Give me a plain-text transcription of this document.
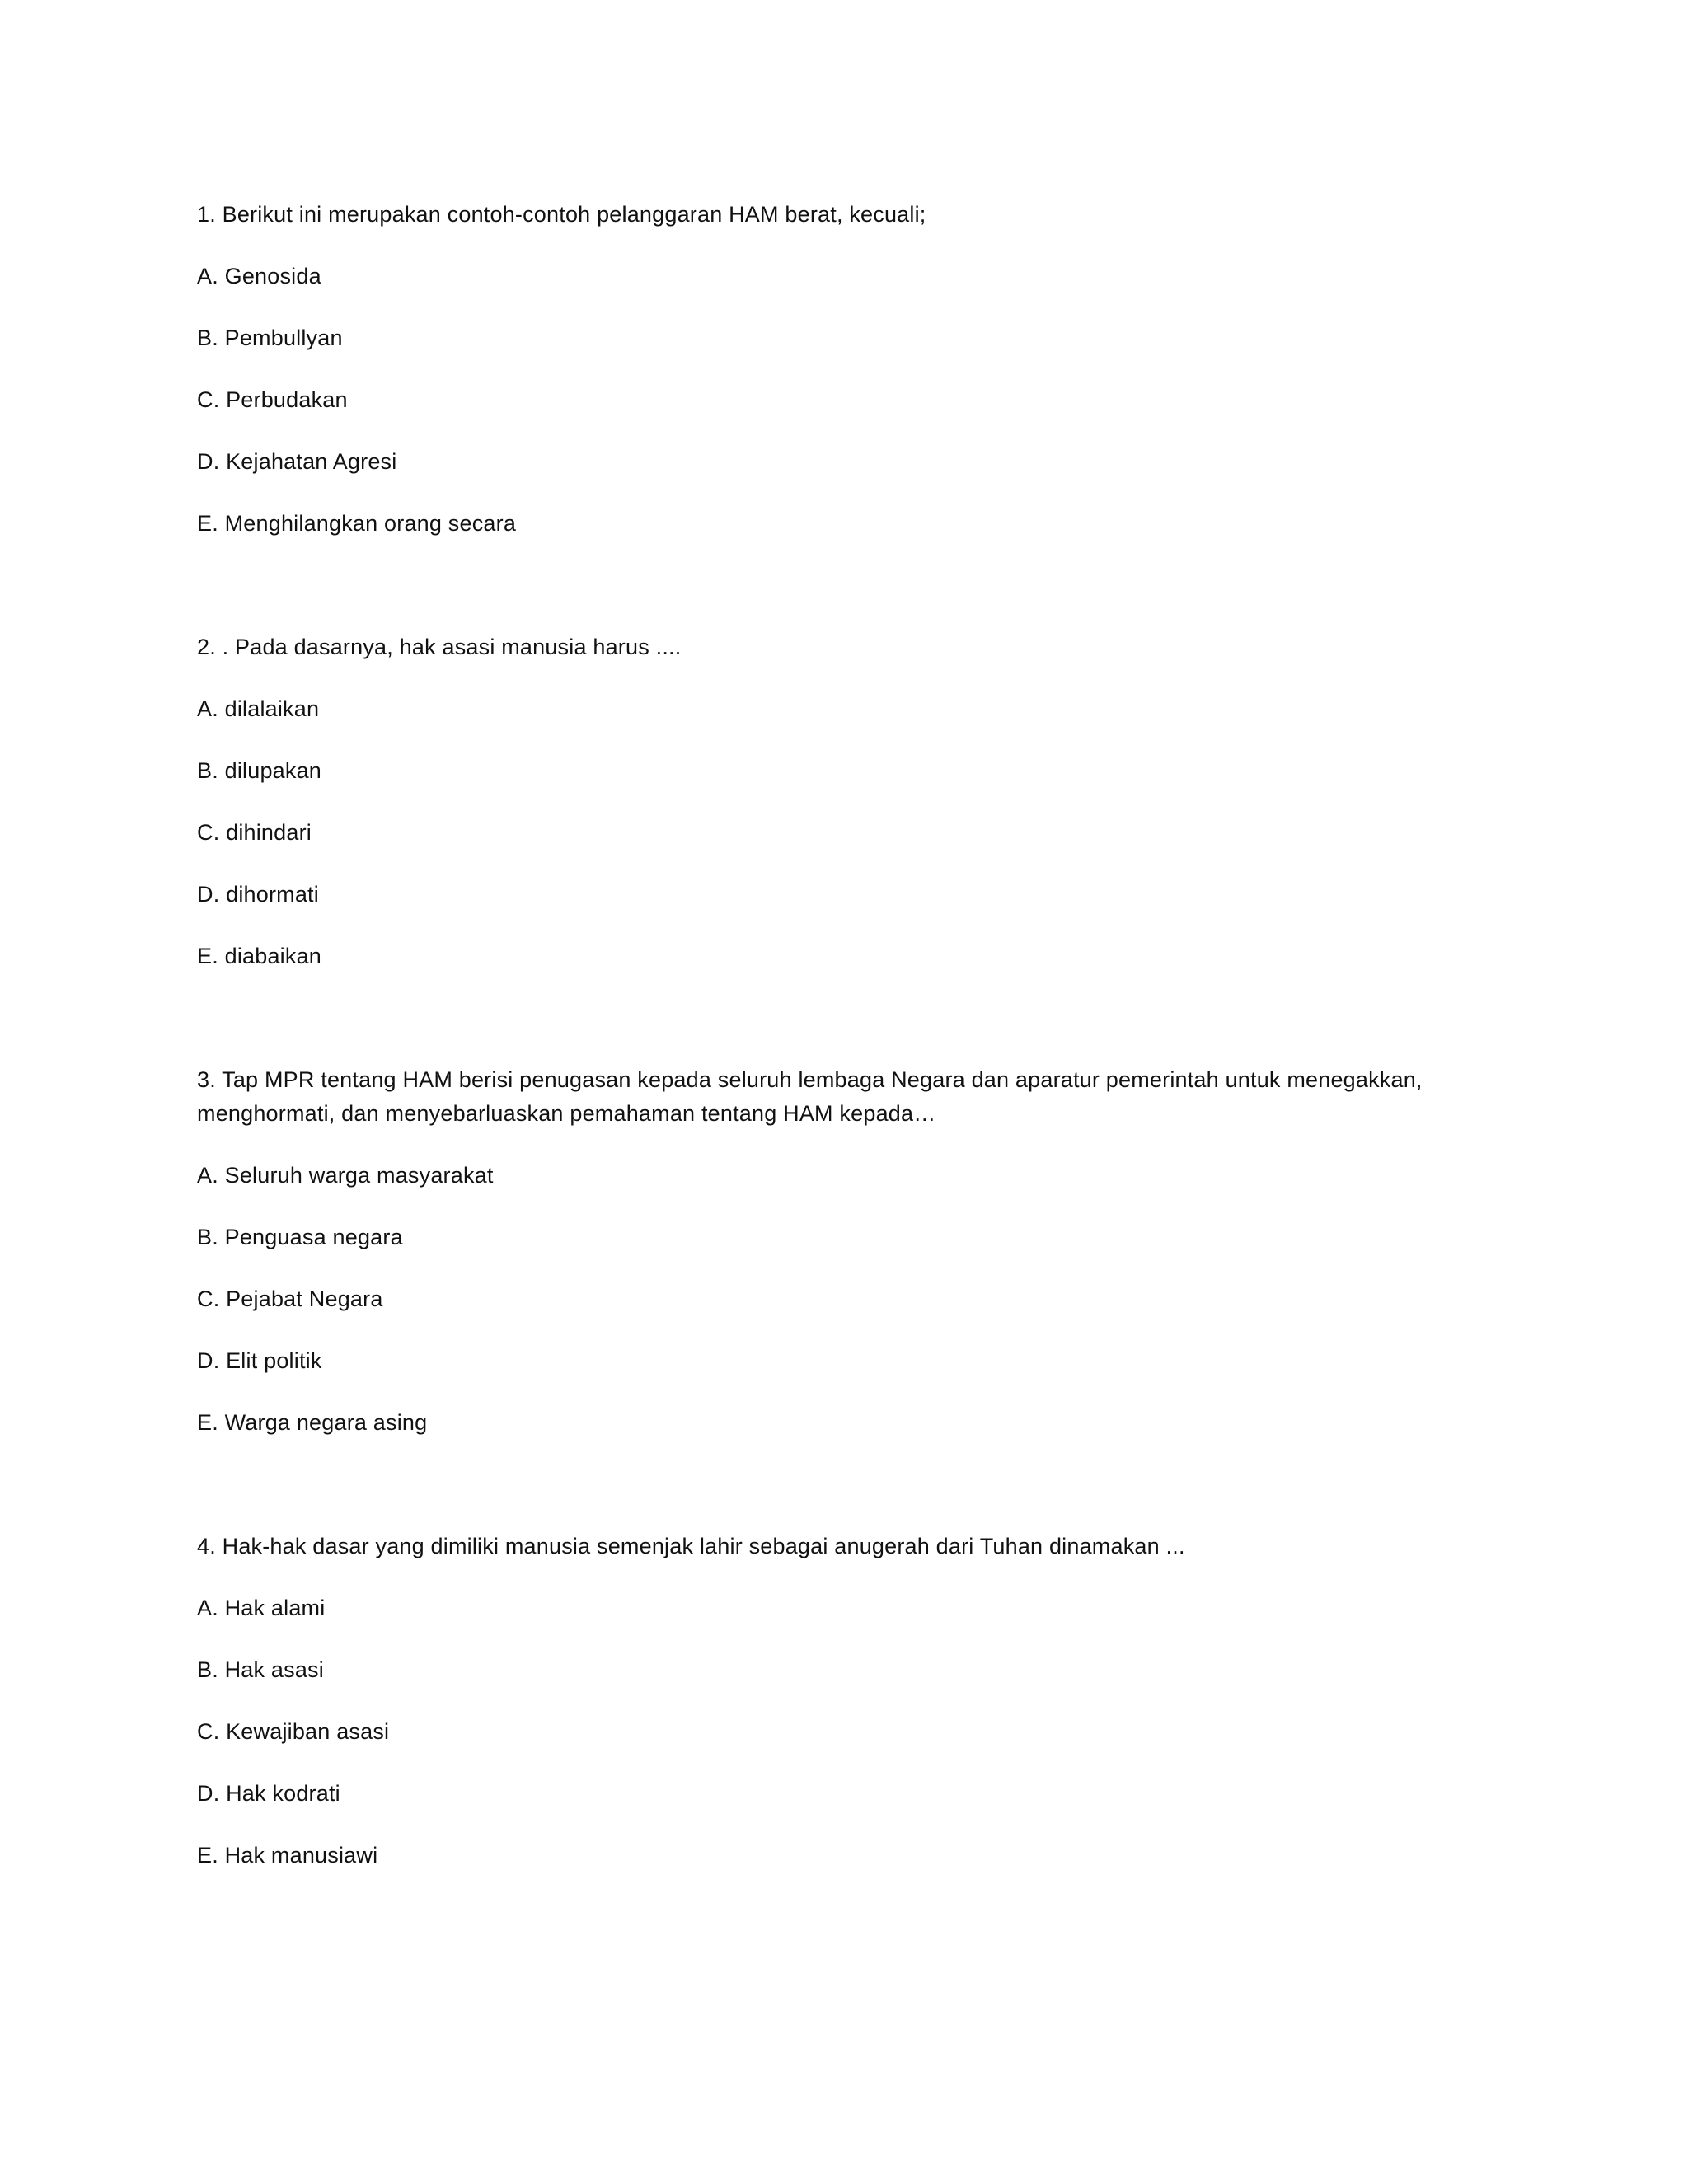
1. Berikut ini merupakan contoh-contoh pelanggaran HAM berat, kecuali;

A. Genosida

B. Pembullyan

C. Perbudakan

D. Kejahatan Agresi

E. Menghilangkan orang secara

2. . Pada dasarnya, hak asasi manusia harus ....

A. dilalaikan

B. dilupakan

C. dihindari

D. dihormati

E. diabaikan

3. Tap MPR tentang HAM berisi penugasan kepada seluruh lembaga Negara dan aparatur pemerintah untuk menegakkan, menghormati, dan menyebarluaskan pemahaman tentang HAM kepada…

A. Seluruh warga masyarakat

B. Penguasa negara

C. Pejabat Negara

D. Elit politik

E. Warga negara asing

4. Hak-hak dasar yang dimiliki manusia semenjak lahir sebagai anugerah dari Tuhan dinamakan ...

A. Hak alami

B. Hak asasi

C. Kewajiban asasi

D. Hak kodrati

E. Hak manusiawi
